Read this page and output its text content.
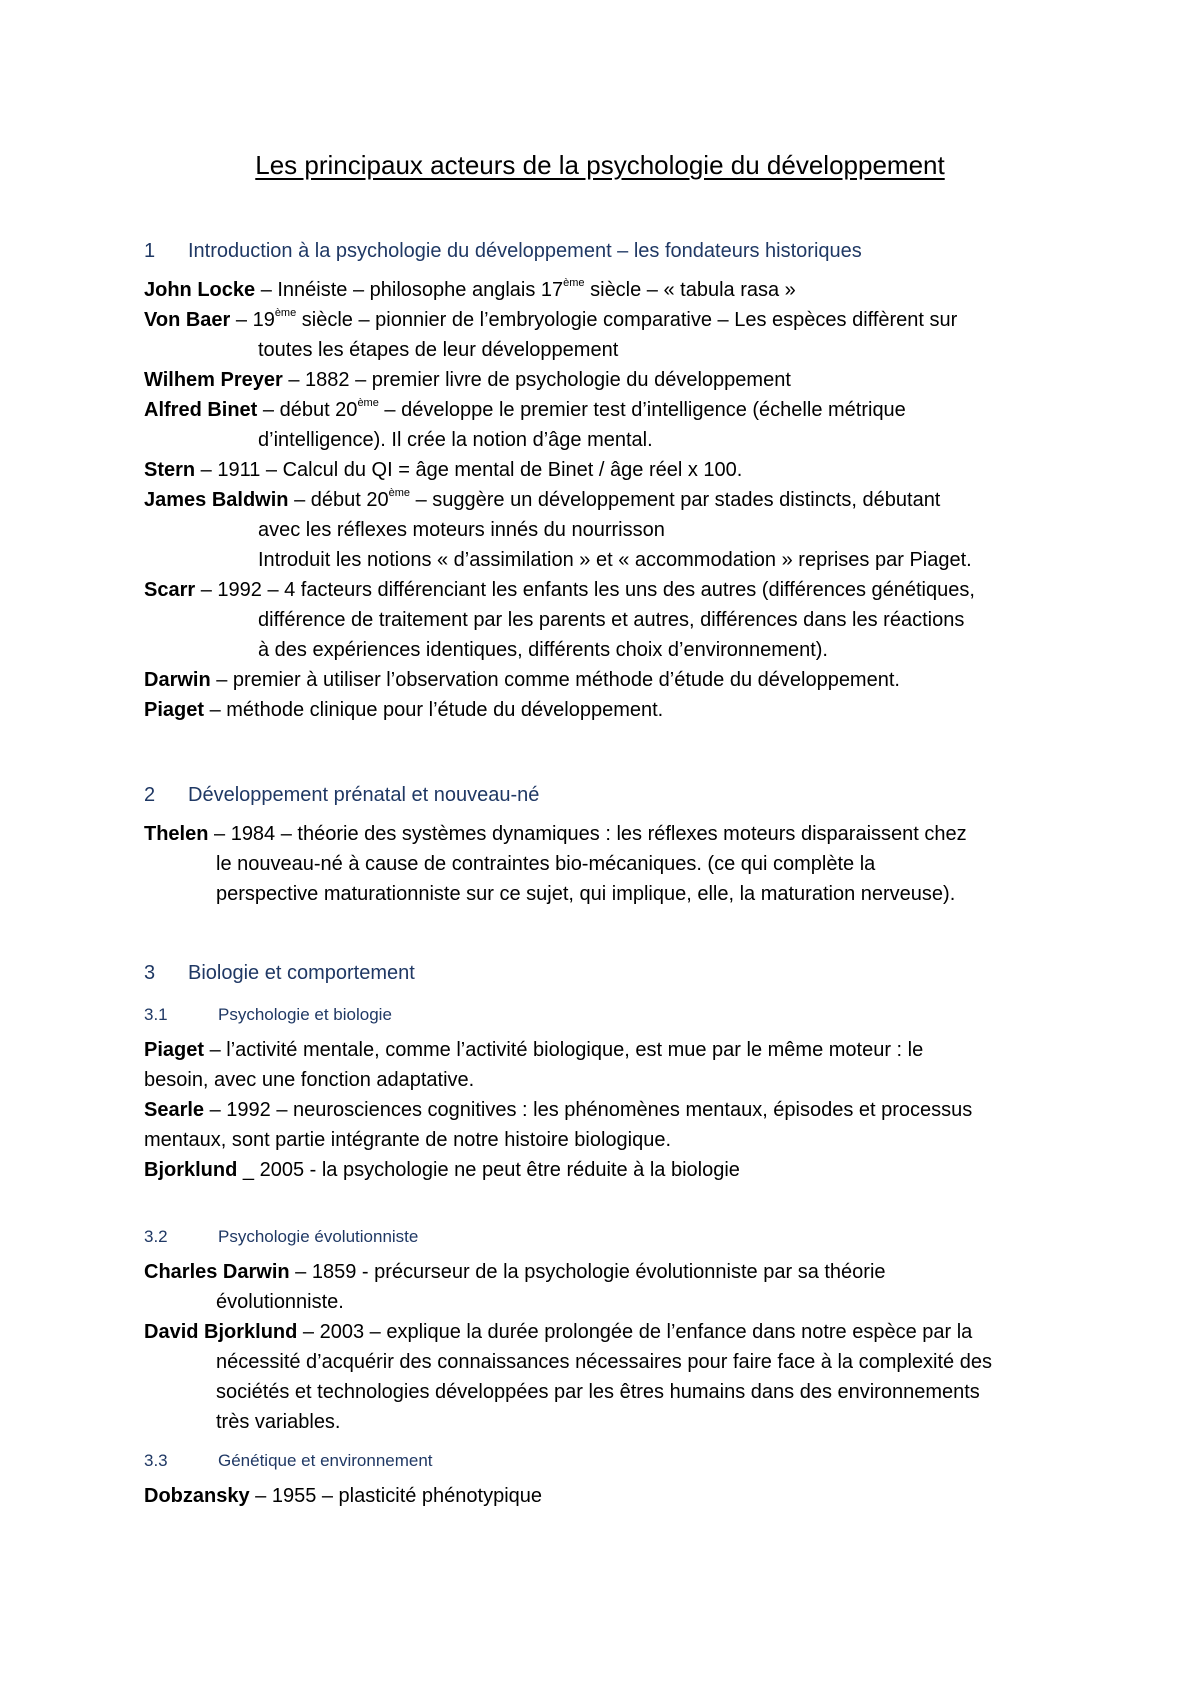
Les principaux acteurs de la psychologie du développement
1 Introduction à la psychologie du développement – les fondateurs historiques
John Locke – Innéiste – philosophe anglais 17ème siècle – « tabula rasa »
Von Baer – 19ème siècle – pionnier de l’embryologie comparative – Les espèces diffèrent sur
toutes les étapes de leur développement
Wilhem Preyer – 1882 – premier livre de psychologie du développement
Alfred Binet – début 20ème – développe le premier test d’intelligence (échelle métrique
d’intelligence). Il crée la notion d’âge mental.
Stern – 1911 – Calcul du QI = âge mental de Binet / âge réel x 100.
James Baldwin – début 20ème – suggère un développement par stades distincts, débutant
avec les réflexes moteurs innés du nourrisson
Introduit les notions « d’assimilation » et « accommodation » reprises par Piaget.
Scarr – 1992 – 4 facteurs différenciant les enfants les uns des autres (différences génétiques,
différence de traitement par les parents et autres, différences dans les réactions
à des expériences identiques, différents choix d’environnement).
Darwin – premier à utiliser l’observation comme méthode d’étude du développement.
Piaget – méthode clinique pour l’étude du développement.
2 Développement prénatal et nouveau-né
Thelen – 1984 – théorie des systèmes dynamiques : les réflexes moteurs disparaissent chez
le nouveau-né à cause de contraintes bio-mécaniques. (ce qui complète la
perspective maturationniste sur ce sujet, qui implique, elle, la maturation nerveuse).
3 Biologie et comportement
3.1	Psychologie et biologie
Piaget – l’activité mentale, comme l’activité biologique, est mue par le même moteur : le
besoin, avec une fonction adaptative.
Searle – 1992 – neurosciences cognitives : les phénomènes mentaux, épisodes et processus
mentaux, sont partie intégrante de notre histoire biologique.
Bjorklund _ 2005 - la psychologie ne peut être réduite à la biologie
3.2	Psychologie évolutionniste
Charles Darwin – 1859 - précurseur de la psychologie évolutionniste par sa théorie
évolutionniste.
David Bjorklund – 2003 – explique la durée prolongée de l’enfance dans notre espèce par la
nécessité d’acquérir des connaissances nécessaires pour faire face à la complexité des
sociétés et technologies développées par les êtres humains dans des environnements
très variables.
3.3	Génétique et environnement
Dobzansky – 1955 – plasticité phénotypique
